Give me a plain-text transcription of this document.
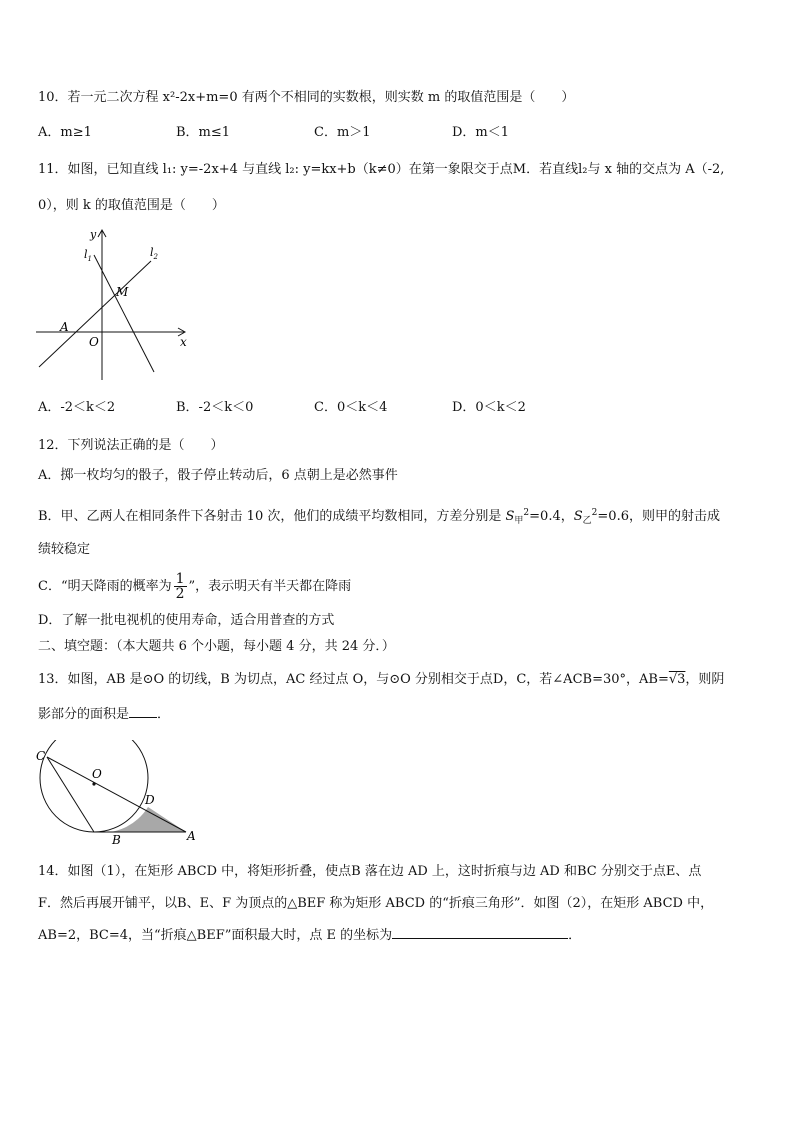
10．若一元二次方程 x²-2x+m=0 有两个不相同的实数根，则实数 m 的取值范围是（　　）
A．m≥1	B．m≤1	C．m＞1	D．m＜1
11．如图，已知直线 l₁: y=-2x+4 与直线 l₂: y=kx+b（k≠0）在第一象限交于点M．若直线l₂与 x 轴的交点为 A（-2,
0），则 k 的取值范围是（　　）
y
$l_1$	$l_2$
M
A
O	x
A．-2＜k＜2	B．-2＜k＜0	C．0＜k＜4	D．0＜k＜2
12．下列说法正确的是（　　）
A．掷一枚均匀的骰子，骰子停止转动后，6 点朝上是必然事件
B．甲、乙两人在相同条件下各射击 10 次，他们的成绩平均数相同，方差分别是 $S_甲^2=0.4$，$S_乙^2=0.6$，则甲的射击成
绩较稳定
C．“明天降雨的概率为 $\frac{1}{2}$ ”，表示明天有半天都在降雨
D．了解一批电视机的使用寿命，适合用普查的方式
二、填空题：（本大题共 6 个小题，每小题 4 分，共 24 分．）
13．如图，AB 是⊙O 的切线，B 为切点，AC 经过点 O，与⊙O 分别相交于点D，C，若∠ACB=30°，AB=√3，则阴
影部分的面积是 ．
C
O
D
B	A
14．如图（1），在矩形 ABCD 中，将矩形折叠，使点B 落在边 AD 上，这时折痕与边 AD 和BC 分别交于点E、点
F．然后再展开铺平，以B、E、F 为顶点的△BEF 称为矩形 ABCD 的“折痕三角形”．如图（2），在矩形 ABCD 中，
AB=2，BC=4，当“折痕△BEF”面积最大时，点 E 的坐标为	．
